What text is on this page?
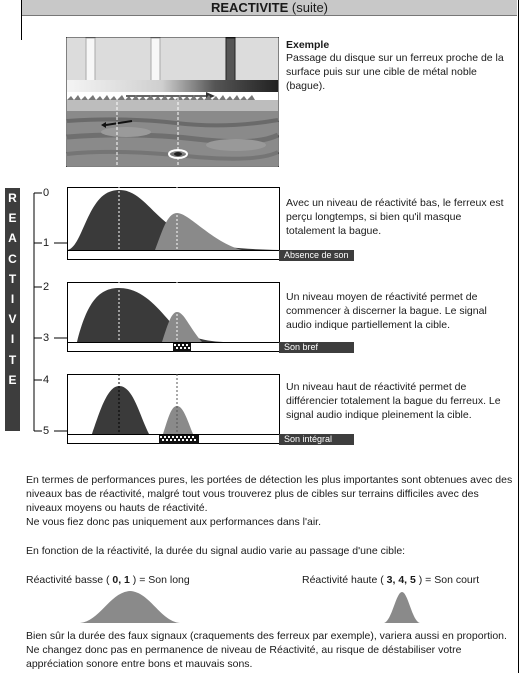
REACTIVITE (suite)
Exemple
Passage du disque sur un ferreux proche de la surface puis sur une cible de métal noble (bague).
R
E
A
C
T
I
V
I
T
E
0
1
2
3
4
5
Absence de son
Avec un niveau de réactivité bas, le ferreux est perçu longtemps, si bien qu'il masque totalement la bague.
Son bref
Un niveau moyen de réactivité permet de commencer à discerner la bague. Le signal audio indique partiellement la cible.
Son intégral
Un niveau haut de réactivité permet de différencier totalement la bague du ferreux. Le signal audio indique pleinement la cible.
En termes de performances pures, les portées de détection les plus importantes sont obtenues avec des niveaux bas de réactivité, malgré tout vous trouverez plus de cibles sur terrains difficiles avec des niveaux moyens ou hauts de réactivité.
Ne vous fiez donc pas uniquement aux performances dans l'air.
En fonction de la réactivité, la durée du signal audio varie au passage d'une cible:
Réactivité basse ( 0, 1 ) = Son long	Réactivité haute ( 3, 4, 5 ) = Son court
Bien sûr la durée des faux signaux (craquements des ferreux par exemple), variera aussi en proportion. Ne changez donc pas en permanence de niveau de Réactivité, au risque de déstabiliser votre appréciation sonore entre bons et mauvais sons.
